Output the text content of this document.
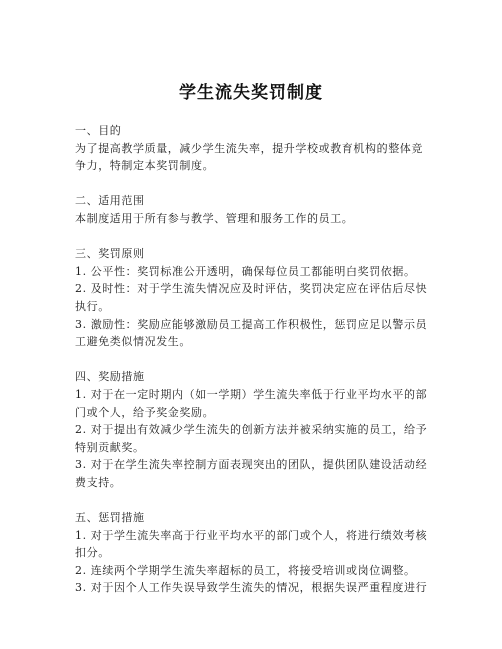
学生流失奖罚制度

一、目的

为了提高教学质量，减少学生流失率，提升学校或教育机构的整体竞争力，特制定本奖罚制度。

二、适用范围

本制度适用于所有参与教学、管理和服务工作的员工。

三、奖罚原则

1. 公平性：奖罚标准公开透明，确保每位员工都能明白奖罚依据。

2. 及时性：对于学生流失情况应及时评估，奖罚决定应在评估后尽快执行。

3. 激励性：奖励应能够激励员工提高工作积极性，惩罚应足以警示员工避免类似情况发生。

四、奖励措施

1. 对于在一定时期内（如一学期）学生流失率低于行业平均水平的部门或个人，给予奖金奖励。

2. 对于提出有效减少学生流失的创新方法并被采纳实施的员工，给予特别贡献奖。

3. 对于在学生流失率控制方面表现突出的团队，提供团队建设活动经费支持。

五、惩罚措施

1. 对于学生流失率高于行业平均水平的部门或个人，将进行绩效考核扣分。

2. 连续两个学期学生流失率超标的员工，将接受培训或岗位调整。

3. 对于因个人工作失误导致学生流失的情况，根据失误严重程度进行
